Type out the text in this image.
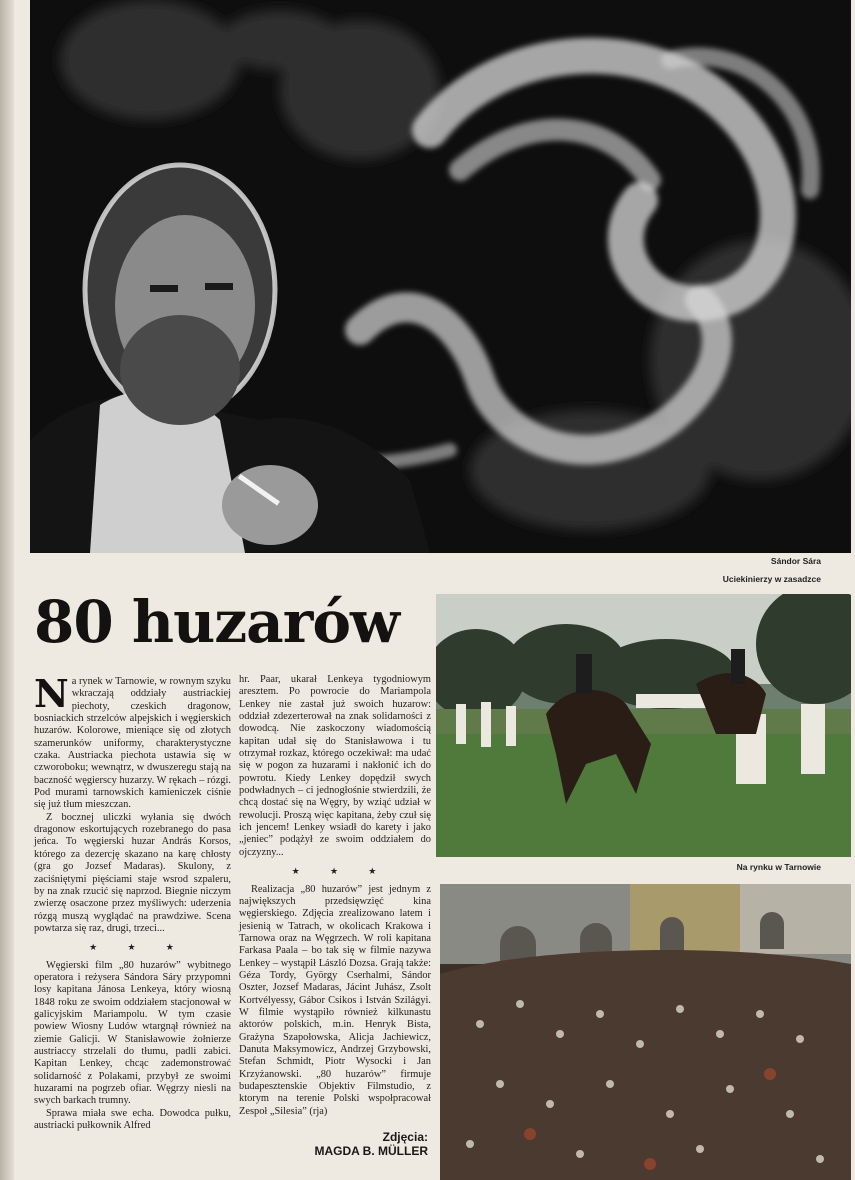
Sándor Sára
Uciekinierzy w zasadzce
Na rynku w Tarnowie
80 huzarów

Na rynek w Tarnowie, w rownym szyku wkraczają oddziały austriackiej piechoty, czeskich dragonow, bosniackich strzelców alpejskich i węgierskich huzarów. Kolorowe, mieniące się od złotych szamerunków uniformy, charakterystyczne czaka. Austriacka piechota ustawia się w czworoboku; wewnątrz, w dwuszeregu stają na baczność węgierscy huzarzy. W rękach – rózgi. Pod murami tarnowskich kamieniczek ciśnie się już tłum mieszczan.

Z bocznej uliczki wyłania się dwóch dragonow eskortujących rozebranego do pasa jeńca. To węgierski huzar András Korsos, którego za dezercję skazano na karę chłosty (gra go Jozsef Madaras). Skulony, z zaciśniętymi pięściami staje wsrod szpaleru, by na znak rzucić się naprzod. Biegnie niczym zwierzę osaczone przez myśliwych: uderzenia rózgą muszą wyglądać na prawdziwe. Scena powtarza się raz, drugi, trzeci...

★ ★ ★

Węgierski film „80 huzarów” wybitnego operatora i reżysera Sándora Sáry przypomni losy kapitana Jánosa Lenkeya, który wiosną 1848 roku ze swoim oddziałem stacjonował w galicyjskim Mariampolu. W tym czasie powiew Wiosny Ludów wtargnął również na ziemie Galicji. W Stanisławowie żołnierze austriaccy strzelali do tłumu, padli zabici. Kapitan Lenkey, chcąc zademonstrować solidarność z Polakami, przybył ze swoimi huzarami na pogrzeb ofiar. Węgrzy niesli na swych barkach trumny.

Sprawa miała swe echa. Dowodca pułku, austriacki pułkownik Alfred

hr. Paar, ukarał Lenkeya tygodniowym aresztem. Po powrocie do Mariampola Lenkey nie zastał już swoich huzarow: oddział zdezerterował na znak solidarności z dowodcą. Nie zaskoczony wiadomością kapitan udał się do Stanisławowa i tu otrzymał rozkaz, którego oczekiwał: ma udać się w pogon za huzarami i nakłonić ich do powrotu. Kiedy Lenkey dopędził swych podwładnych – ci jednogłośnie stwierdzili, że chcą dostać się na Węgry, by wziąć udział w rewolucji. Proszą więc kapitana, żeby czuł się ich jencem! Lenkey wsiadł do karety i jako „jeniec” podążył ze swoim oddziałem do ojczyzny...

★ ★ ★

Realizacja „80 huzarów” jest jednym z największych przedsięwzięć kina węgierskiego. Zdjęcia zrealizowano latem i jesienią w Tatrach, w okolicach Krakowa i Tarnowa oraz na Węgrzech. W roli kapitana Farkasa Paala – bo tak się w filmie nazywa Lenkey – wystąpił László Dozsa. Grają także: Géza Tordy, György Cserhalmi, Sándor Oszter, Jozsef Madaras, Jácint Juhász, Zsolt Kortvélyessy, Gábor Csikos i István Szilágyi. W filmie wystąpiło również kilkunastu aktorów polskich, m.in. Henryk Bista, Grażyna Szapołowska, Alicja Jachiewicz, Danuta Maksymowicz, Andrzej Grzybowski, Stefan Schmidt, Piotr Wysocki i Jan Krzyżanowski. „80 huzarów” firmuje budapesztenskie Objektiv Filmstudio, z ktorym na terenie Polski wspołpracował Zespoł „Silesia” (rja)

Zdjęcia:
MAGDA B. MÜLLER
